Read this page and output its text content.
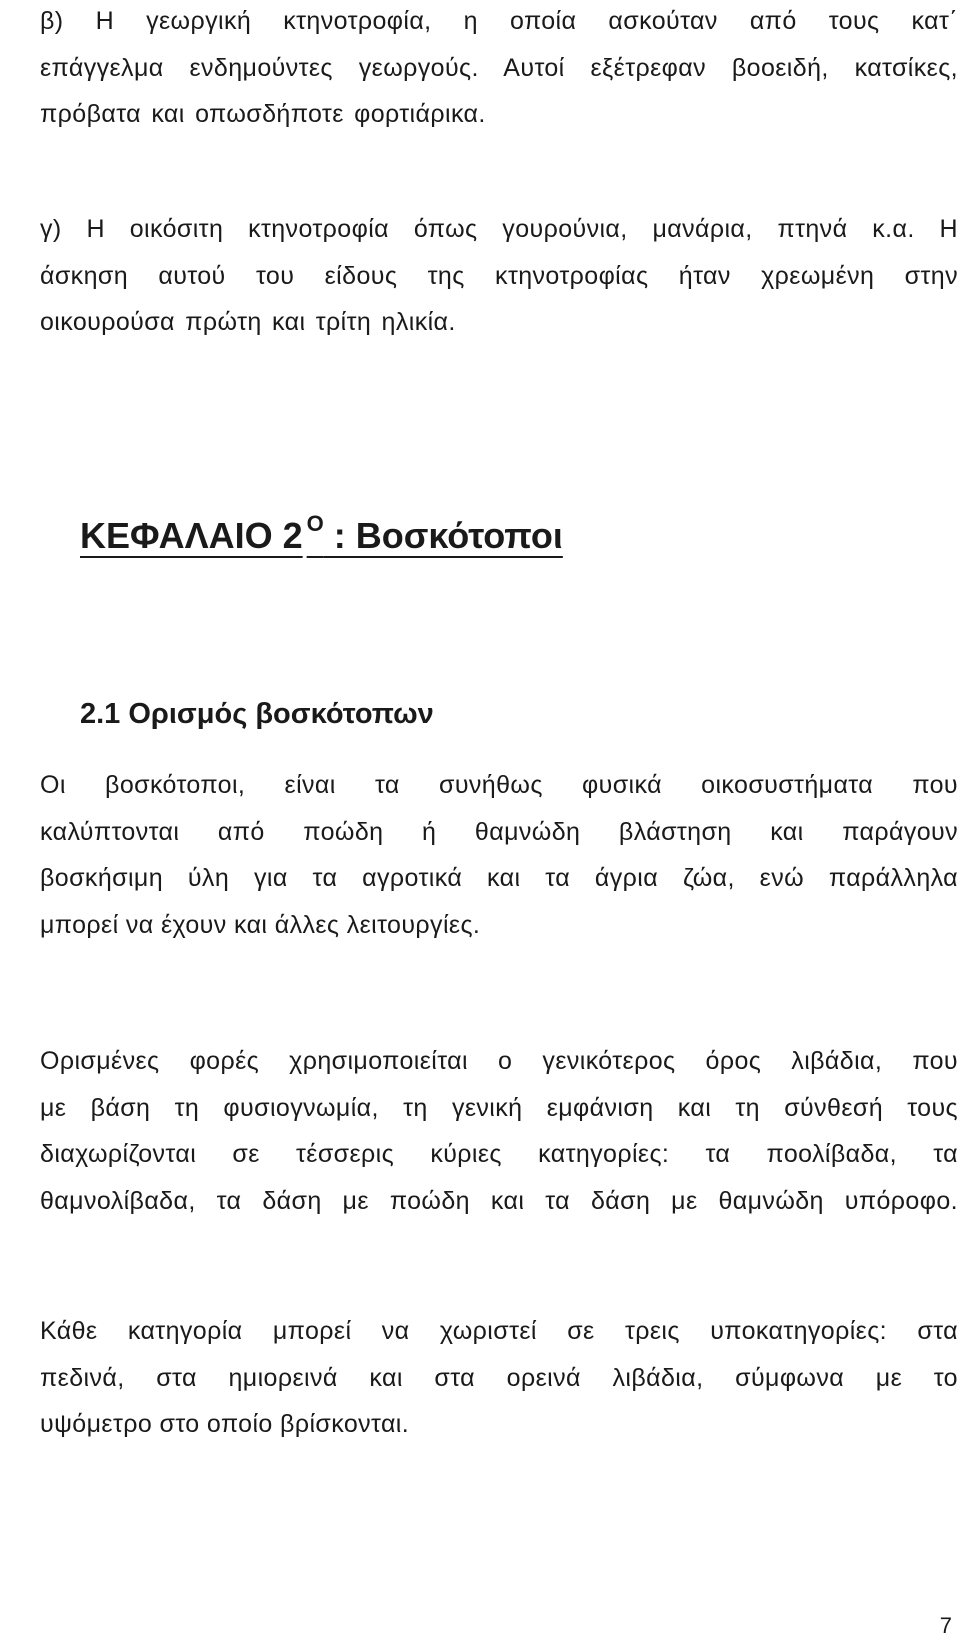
β) Η γεωργική κτηνοτροφία, η οποία ασκούταν από τους κατ΄
επάγγελμα ενδημούντες γεωργούς. Αυτοί εξέτρεφαν βοοειδή, κατσίκες,
πρόβατα και οπωσδήποτε φορτιάρικα.

γ) Η οικόσιτη κτηνοτροφία όπως γουρούνια, μανάρια, πτηνά κ.α. Η
άσκηση αυτού του είδους της κτηνοτροφίας ήταν χρεωμένη στην
οικουρούσα πρώτη και τρίτη ηλικία.

ΚΕΦΑΛΑΙΟ 2 $^O$ : Βοσκότοποι
2.1 Ορισμός βοσκότοπων

Οι βοσκότοποι, είναι τα συνήθως φυσικά οικοσυστήματα που
καλύπτονται από ποώδη ή θαμνώδη βλάστηση και παράγουν
βοσκήσιμη ύλη για τα αγροτικά και τα άγρια ζώα, ενώ παράλληλα
μπορεί να έχουν και άλλες λειτουργίες.

Ορισμένες φορές χρησιμοποιείται ο γενικότερος όρος λιβάδια, που
με βάση τη φυσιογνωμία, τη γενική εμφάνιση και τη σύνθεσή τους
διαχωρίζονται σε τέσσερις κύριες κατηγορίες: τα ποολίβαδα, τα
θαμνολίβαδα, τα δάση με ποώδη και τα δάση με θαμνώδη υπόροφο.

Κάθε κατηγορία μπορεί να χωριστεί σε τρεις υποκατηγορίες: στα
πεδινά, στα ημιορεινά και στα ορεινά λιβάδια, σύμφωνα με το
υψόμετρο στο οποίο βρίσκονται.

7
